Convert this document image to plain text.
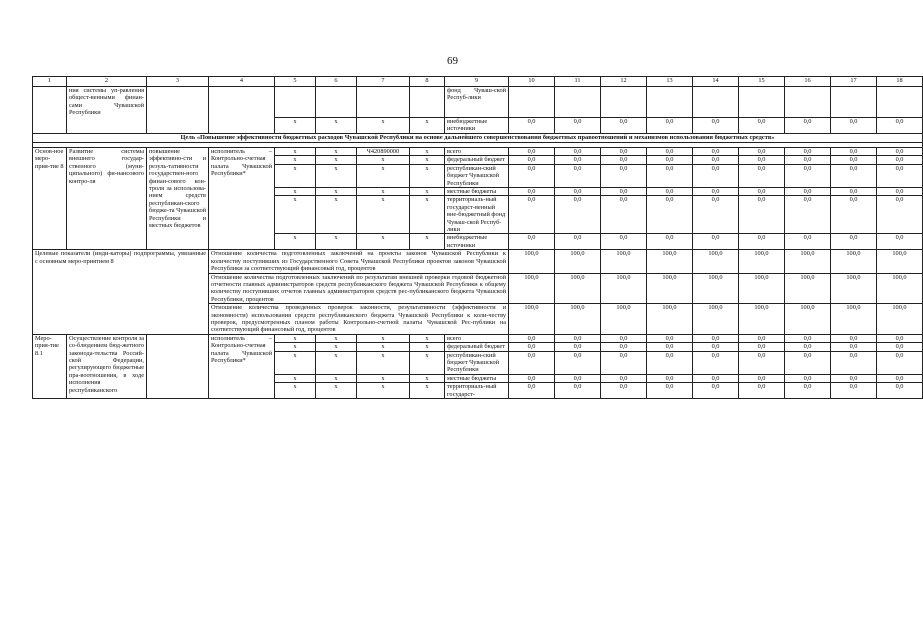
69
1	2	3	4	5	6	7	8	9	10	11	12	13	14	15	16	17	18
	ния системы уп-равления общест-венными финан-сами Чувашской Республики							фонд Чуваш-ской Респуб-лики									
				x	x	x	x	внебюджетные источники	0,0	0,0	0,0	0,0	0,0	0,0	0,0	0,0	0,0
Цель «Повышение эффективности бюджетных расходов Чувашской Республики на основе дальнейшего совершенствования бюджетных правоотношений и механизмов использования бюджетных средств»																	

Основ-ное меро-прия-тие 8	Развитие системы внешнего государ-ственного (муни-ципального) фи-нансового контро-ля	повышение эффективно-сти и резуль-тативности государствен-ного финан-сового кон-троля за использова-нием средств республикан-ского бюдже-та Чувашской Республики и местных бюджетов	исполнитель – Контрольно-счетная палата Чувашской Республики*	x	x	Ч420890000	x	всего	0,0	0,0	0,0	0,0	0,0	0,0	0,0	0,0	0,0
				x	x	x	x	федеральный бюджет	0,0	0,0	0,0	0,0	0,0	0,0	0,0	0,0	0,0
				x	x	x	x	республикан-ский бюджет Чувашской Республики	0,0	0,0	0,0	0,0	0,0	0,0	0,0	0,0	0,0
				x	x	x	x	местные бюджеты	0,0	0,0	0,0	0,0	0,0	0,0	0,0	0,0	0,0
				x	x	x	x	территориаль-ный государст-венный вне-бюджетный фонд Чуваш-ской Респуб-лики	0,0	0,0	0,0	0,0	0,0	0,0	0,0	0,0	0,0
				x	x	x	x	внебюджетные источники	0,0	0,0	0,0	0,0	0,0	0,0	0,0	0,0	0,0
Целевые показатели (инди-каторы) подпрограммы, увязанные с основным меро-приятием 8			Отношение количества подготовленных заключений на проекты законов Чувашской Республики к количеству поступивших из Государственного Совета Чувашской Республики проектов законов Чувашской Республики за соответствующий финансовый год, процентов						100,0	100,0	100,0	100,0	100,0	100,0	100,0	100,0	100,0
			Отношение количества подготовленных заключений по результатам внешней проверки годовой бюджетной отчетности главных администраторов средств республиканского бюджета Чувашской Республики к общему количеству поступивших отчетов главных администраторов средств рес-публиканского бюджета Чувашской Республики, процентов						100,0	100,0	100,0	100,0	100,0	100,0	100,0	100,0	100,0
			Отношение количества проведенных проверок законности, результативности (эффективности и экономности) использования средств республиканского бюджета Чувашской Республики к коли-честву проверок, предусмотренных планом работы Контрольно-счетной палаты Чувашской Рес-публики на соответствующий финансовый год, процентов						100,0	100,0	100,0	100,0	100,0	100,0	100,0	100,0	100,0
Меро-прия-тие 8.1	Осуществление контроля за со-блюдением бюд-жетного законода-тельства Россий-ской Федерации, регулирующего бюджетные пра-воотношения, в ходе исполнения республиканского		исполнитель – Контрольно-счетная палата Чувашской Республики*	x	x	x	x	всего	0,0	0,0	0,0	0,0	0,0	0,0	0,0	0,0	0,0
				x	x	x	x	федеральный бюджет	0,0	0,0	0,0	0,0	0,0	0,0	0,0	0,0	0,0
				x	x	x	x	республикан-ский бюджет Чувашской Республики	0,0	0,0	0,0	0,0	0,0	0,0	0,0	0,0	0,0
				x	x	x	x	местные бюджеты	0,0	0,0	0,0	0,0	0,0	0,0	0,0	0,0	0,0
				x	x	x	x	территориаль-ный государст-	0,0	0,0	0,0	0,0	0,0	0,0	0,0	0,0	0,0
